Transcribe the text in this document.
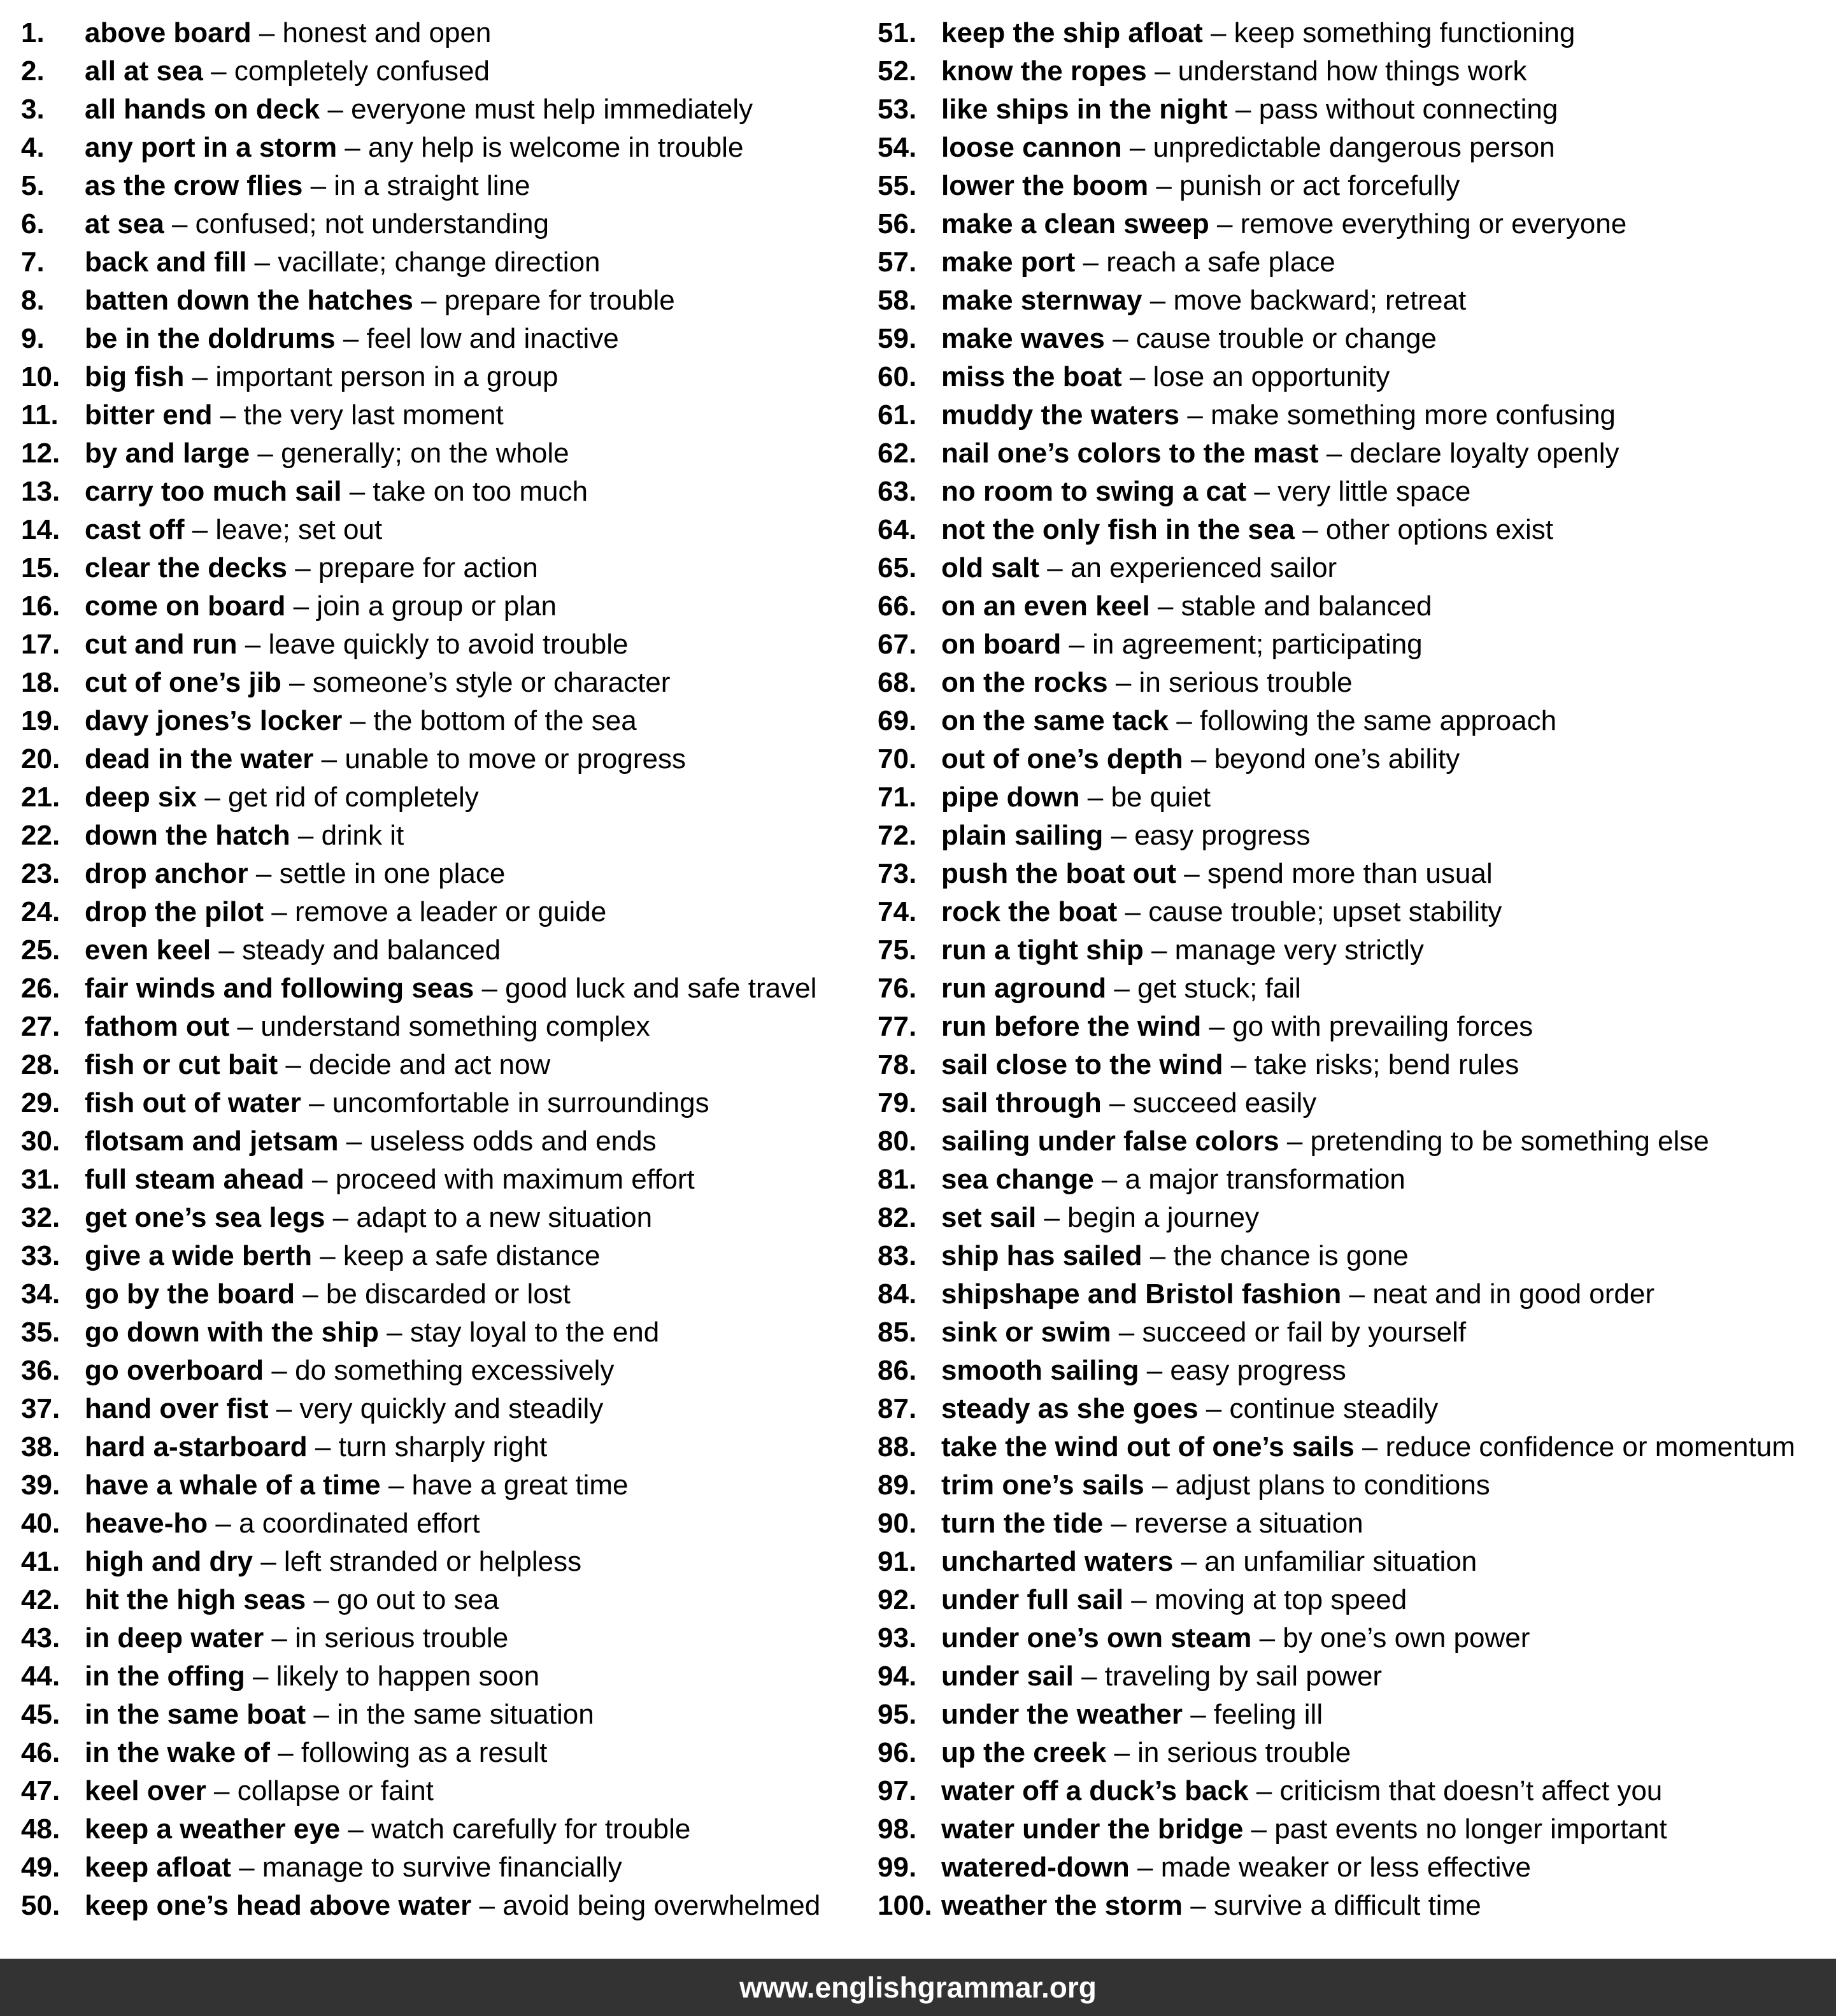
1. above board – honest and open
2. all at sea – completely confused
3. all hands on deck – everyone must help immediately
4. any port in a storm – any help is welcome in trouble
5. as the crow flies – in a straight line
6. at sea – confused; not understanding
7. back and fill – vacillate; change direction
8. batten down the hatches – prepare for trouble
9. be in the doldrums – feel low and inactive
10. big fish – important person in a group
11. bitter end – the very last moment
12. by and large – generally; on the whole
13. carry too much sail – take on too much
14. cast off – leave; set out
15. clear the decks – prepare for action
16. come on board – join a group or plan
17. cut and run – leave quickly to avoid trouble
18. cut of one’s jib – someone’s style or character
19. davy jones’s locker – the bottom of the sea
20. dead in the water – unable to move or progress
21. deep six – get rid of completely
22. down the hatch – drink it
23. drop anchor – settle in one place
24. drop the pilot – remove a leader or guide
25. even keel – steady and balanced
26. fair winds and following seas – good luck and safe travel
27. fathom out – understand something complex
28. fish or cut bait – decide and act now
29. fish out of water – uncomfortable in surroundings
30. flotsam and jetsam – useless odds and ends
31. full steam ahead – proceed with maximum effort
32. get one’s sea legs – adapt to a new situation
33. give a wide berth – keep a safe distance
34. go by the board – be discarded or lost
35. go down with the ship – stay loyal to the end
36. go overboard – do something excessively
37. hand over fist – very quickly and steadily
38. hard a-starboard – turn sharply right
39. have a whale of a time – have a great time
40. heave-ho – a coordinated effort
41. high and dry – left stranded or helpless
42. hit the high seas – go out to sea
43. in deep water – in serious trouble
44. in the offing – likely to happen soon
45. in the same boat – in the same situation
46. in the wake of – following as a result
47. keel over – collapse or faint
48. keep a weather eye – watch carefully for trouble
49. keep afloat – manage to survive financially
50. keep one’s head above water – avoid being overwhelmed
51. keep the ship afloat – keep something functioning
52. know the ropes – understand how things work
53. like ships in the night – pass without connecting
54. loose cannon – unpredictable dangerous person
55. lower the boom – punish or act forcefully
56. make a clean sweep – remove everything or everyone
57. make port – reach a safe place
58. make sternway – move backward; retreat
59. make waves – cause trouble or change
60. miss the boat – lose an opportunity
61. muddy the waters – make something more confusing
62. nail one’s colors to the mast – declare loyalty openly
63. no room to swing a cat – very little space
64. not the only fish in the sea – other options exist
65. old salt – an experienced sailor
66. on an even keel – stable and balanced
67. on board – in agreement; participating
68. on the rocks – in serious trouble
69. on the same tack – following the same approach
70. out of one’s depth – beyond one’s ability
71. pipe down – be quiet
72. plain sailing – easy progress
73. push the boat out – spend more than usual
74. rock the boat – cause trouble; upset stability
75. run a tight ship – manage very strictly
76. run aground – get stuck; fail
77. run before the wind – go with prevailing forces
78. sail close to the wind – take risks; bend rules
79. sail through – succeed easily
80. sailing under false colors – pretending to be something else
81. sea change – a major transformation
82. set sail – begin a journey
83. ship has sailed – the chance is gone
84. shipshape and Bristol fashion – neat and in good order
85. sink or swim – succeed or fail by yourself
86. smooth sailing – easy progress
87. steady as she goes – continue steadily
88. take the wind out of one’s sails – reduce confidence or momentum
89. trim one’s sails – adjust plans to conditions
90. turn the tide – reverse a situation
91. uncharted waters – an unfamiliar situation
92. under full sail – moving at top speed
93. under one’s own steam – by one’s own power
94. under sail – traveling by sail power
95. under the weather – feeling ill
96. up the creek – in serious trouble
97. water off a duck’s back – criticism that doesn’t affect you
98. water under the bridge – past events no longer important
99. watered-down – made weaker or less effective
100. weather the storm – survive a difficult time
www.englishgrammar.org
